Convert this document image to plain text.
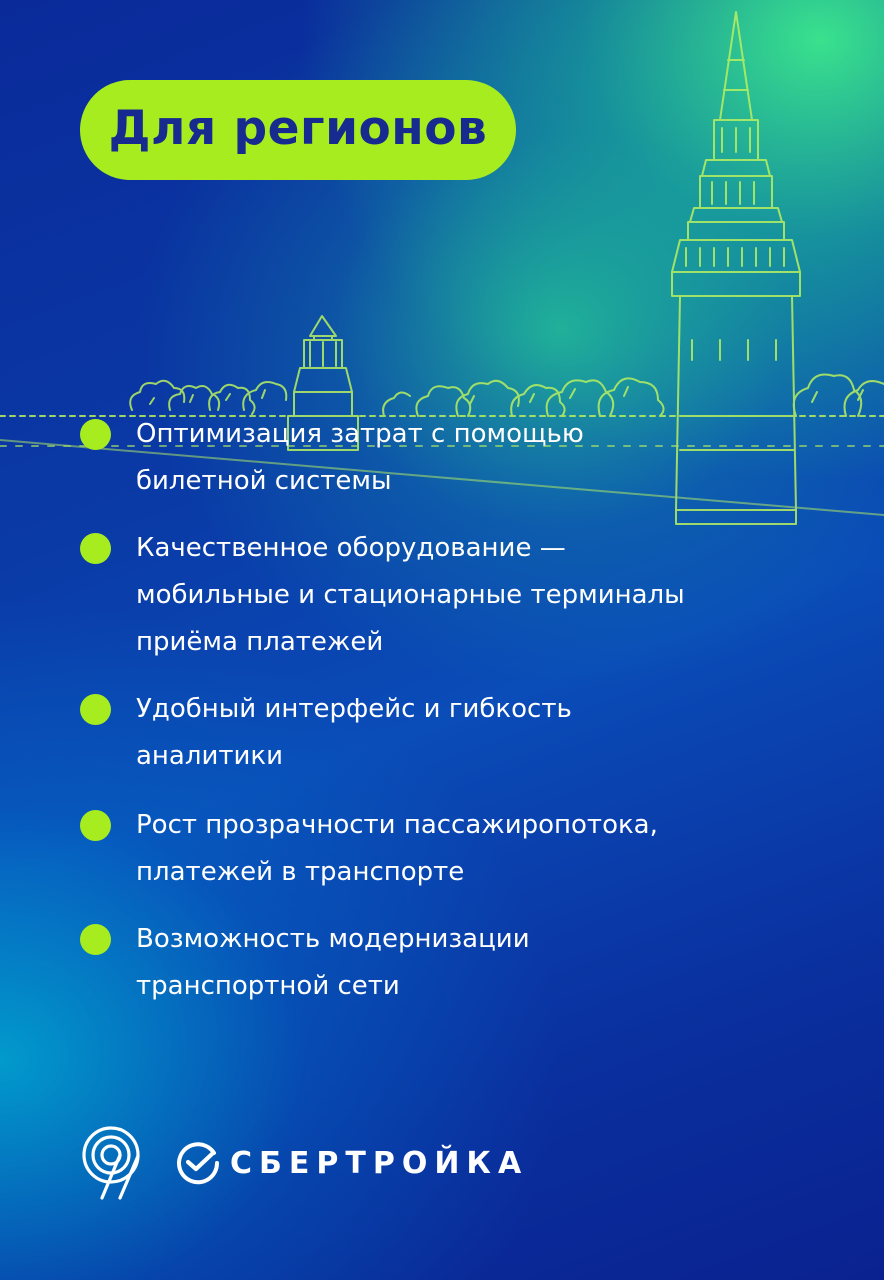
Для регионов
Оптимизация затрат с помощью
билетной системы
Качественное оборудование —
мобильные и стационарные терминалы
приёма платежей
Удобный интерфейс и гибкость
аналитики
Рост прозрачности пассажиропотока,
платежей в транспорте
Возможность модернизации
транспортной сети
СБЕРТРОЙКА
